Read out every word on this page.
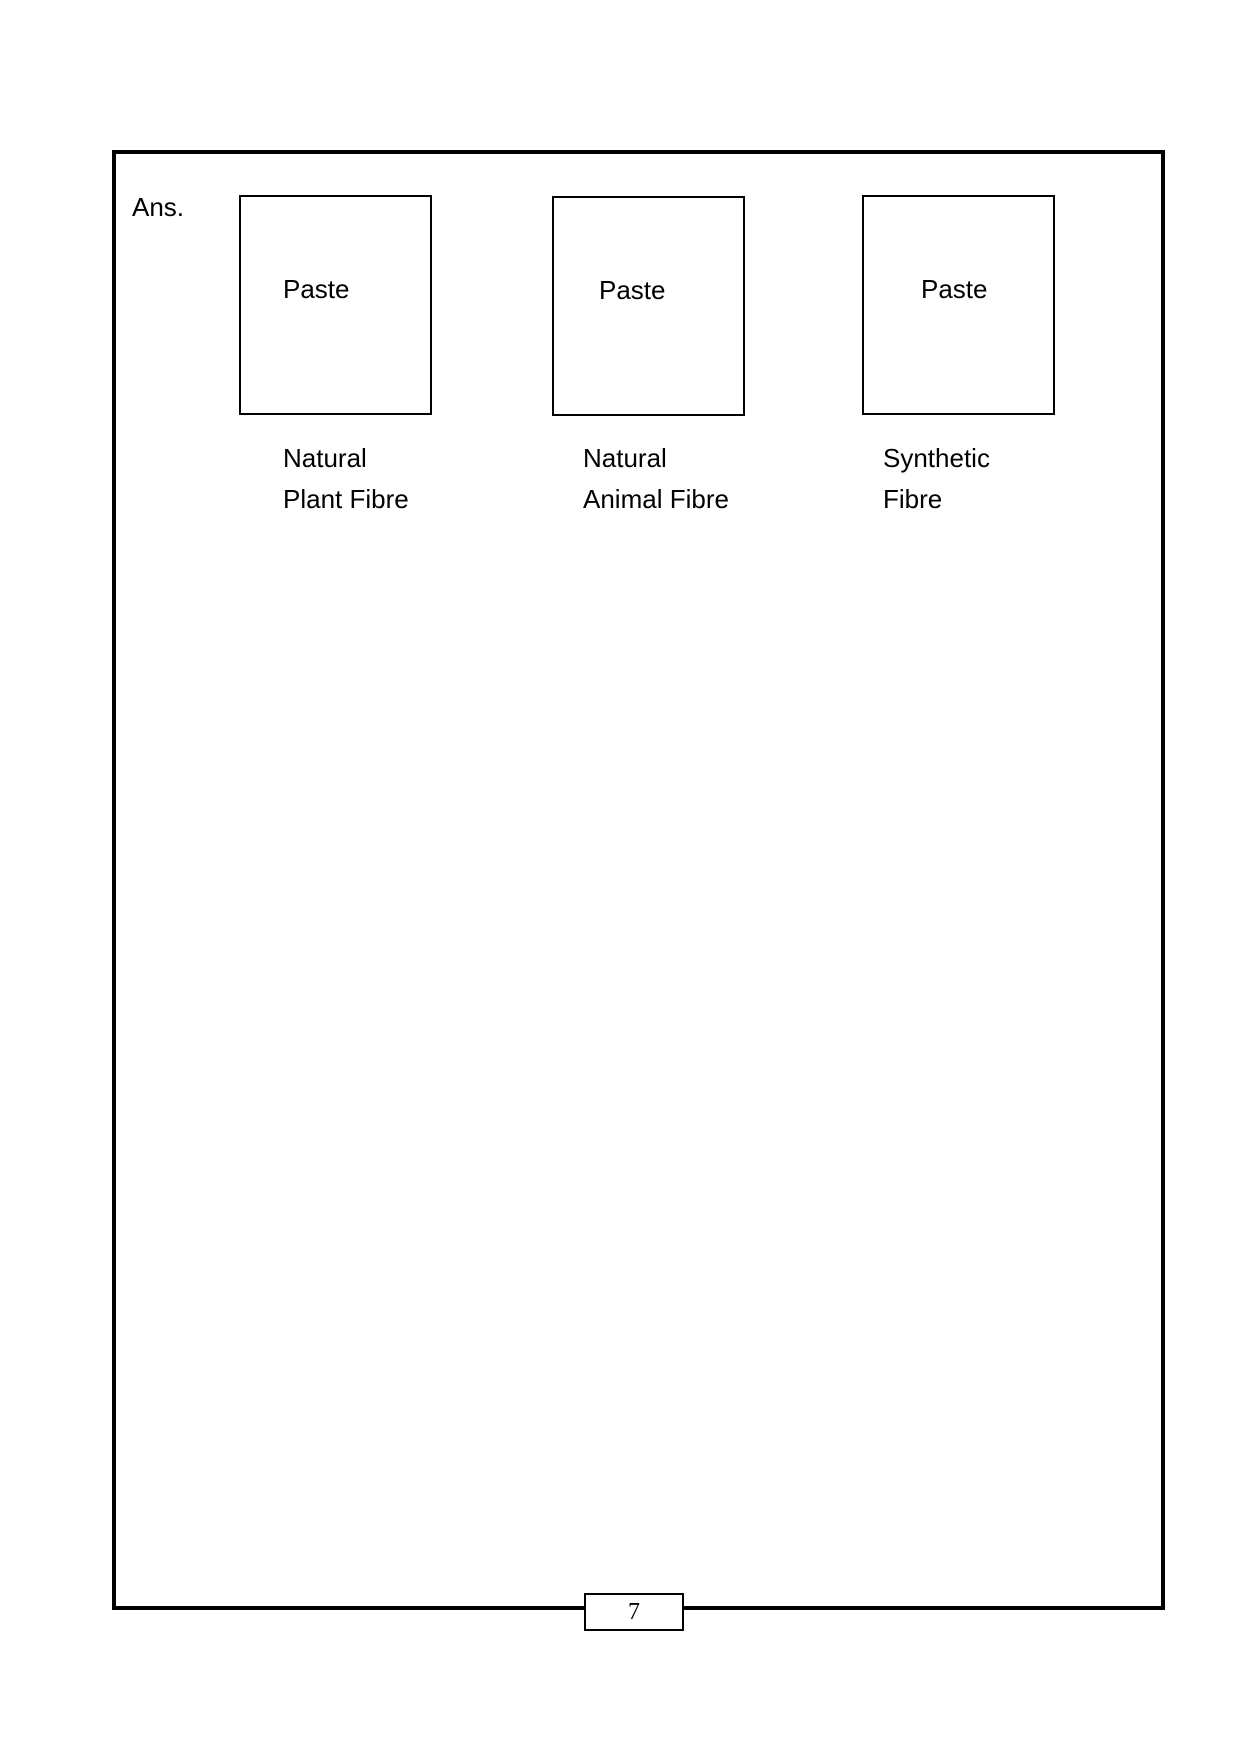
Ans.
Paste
Natural
Plant Fibre
Paste
Natural
Animal Fibre
Paste
Synthetic
Fibre
7
